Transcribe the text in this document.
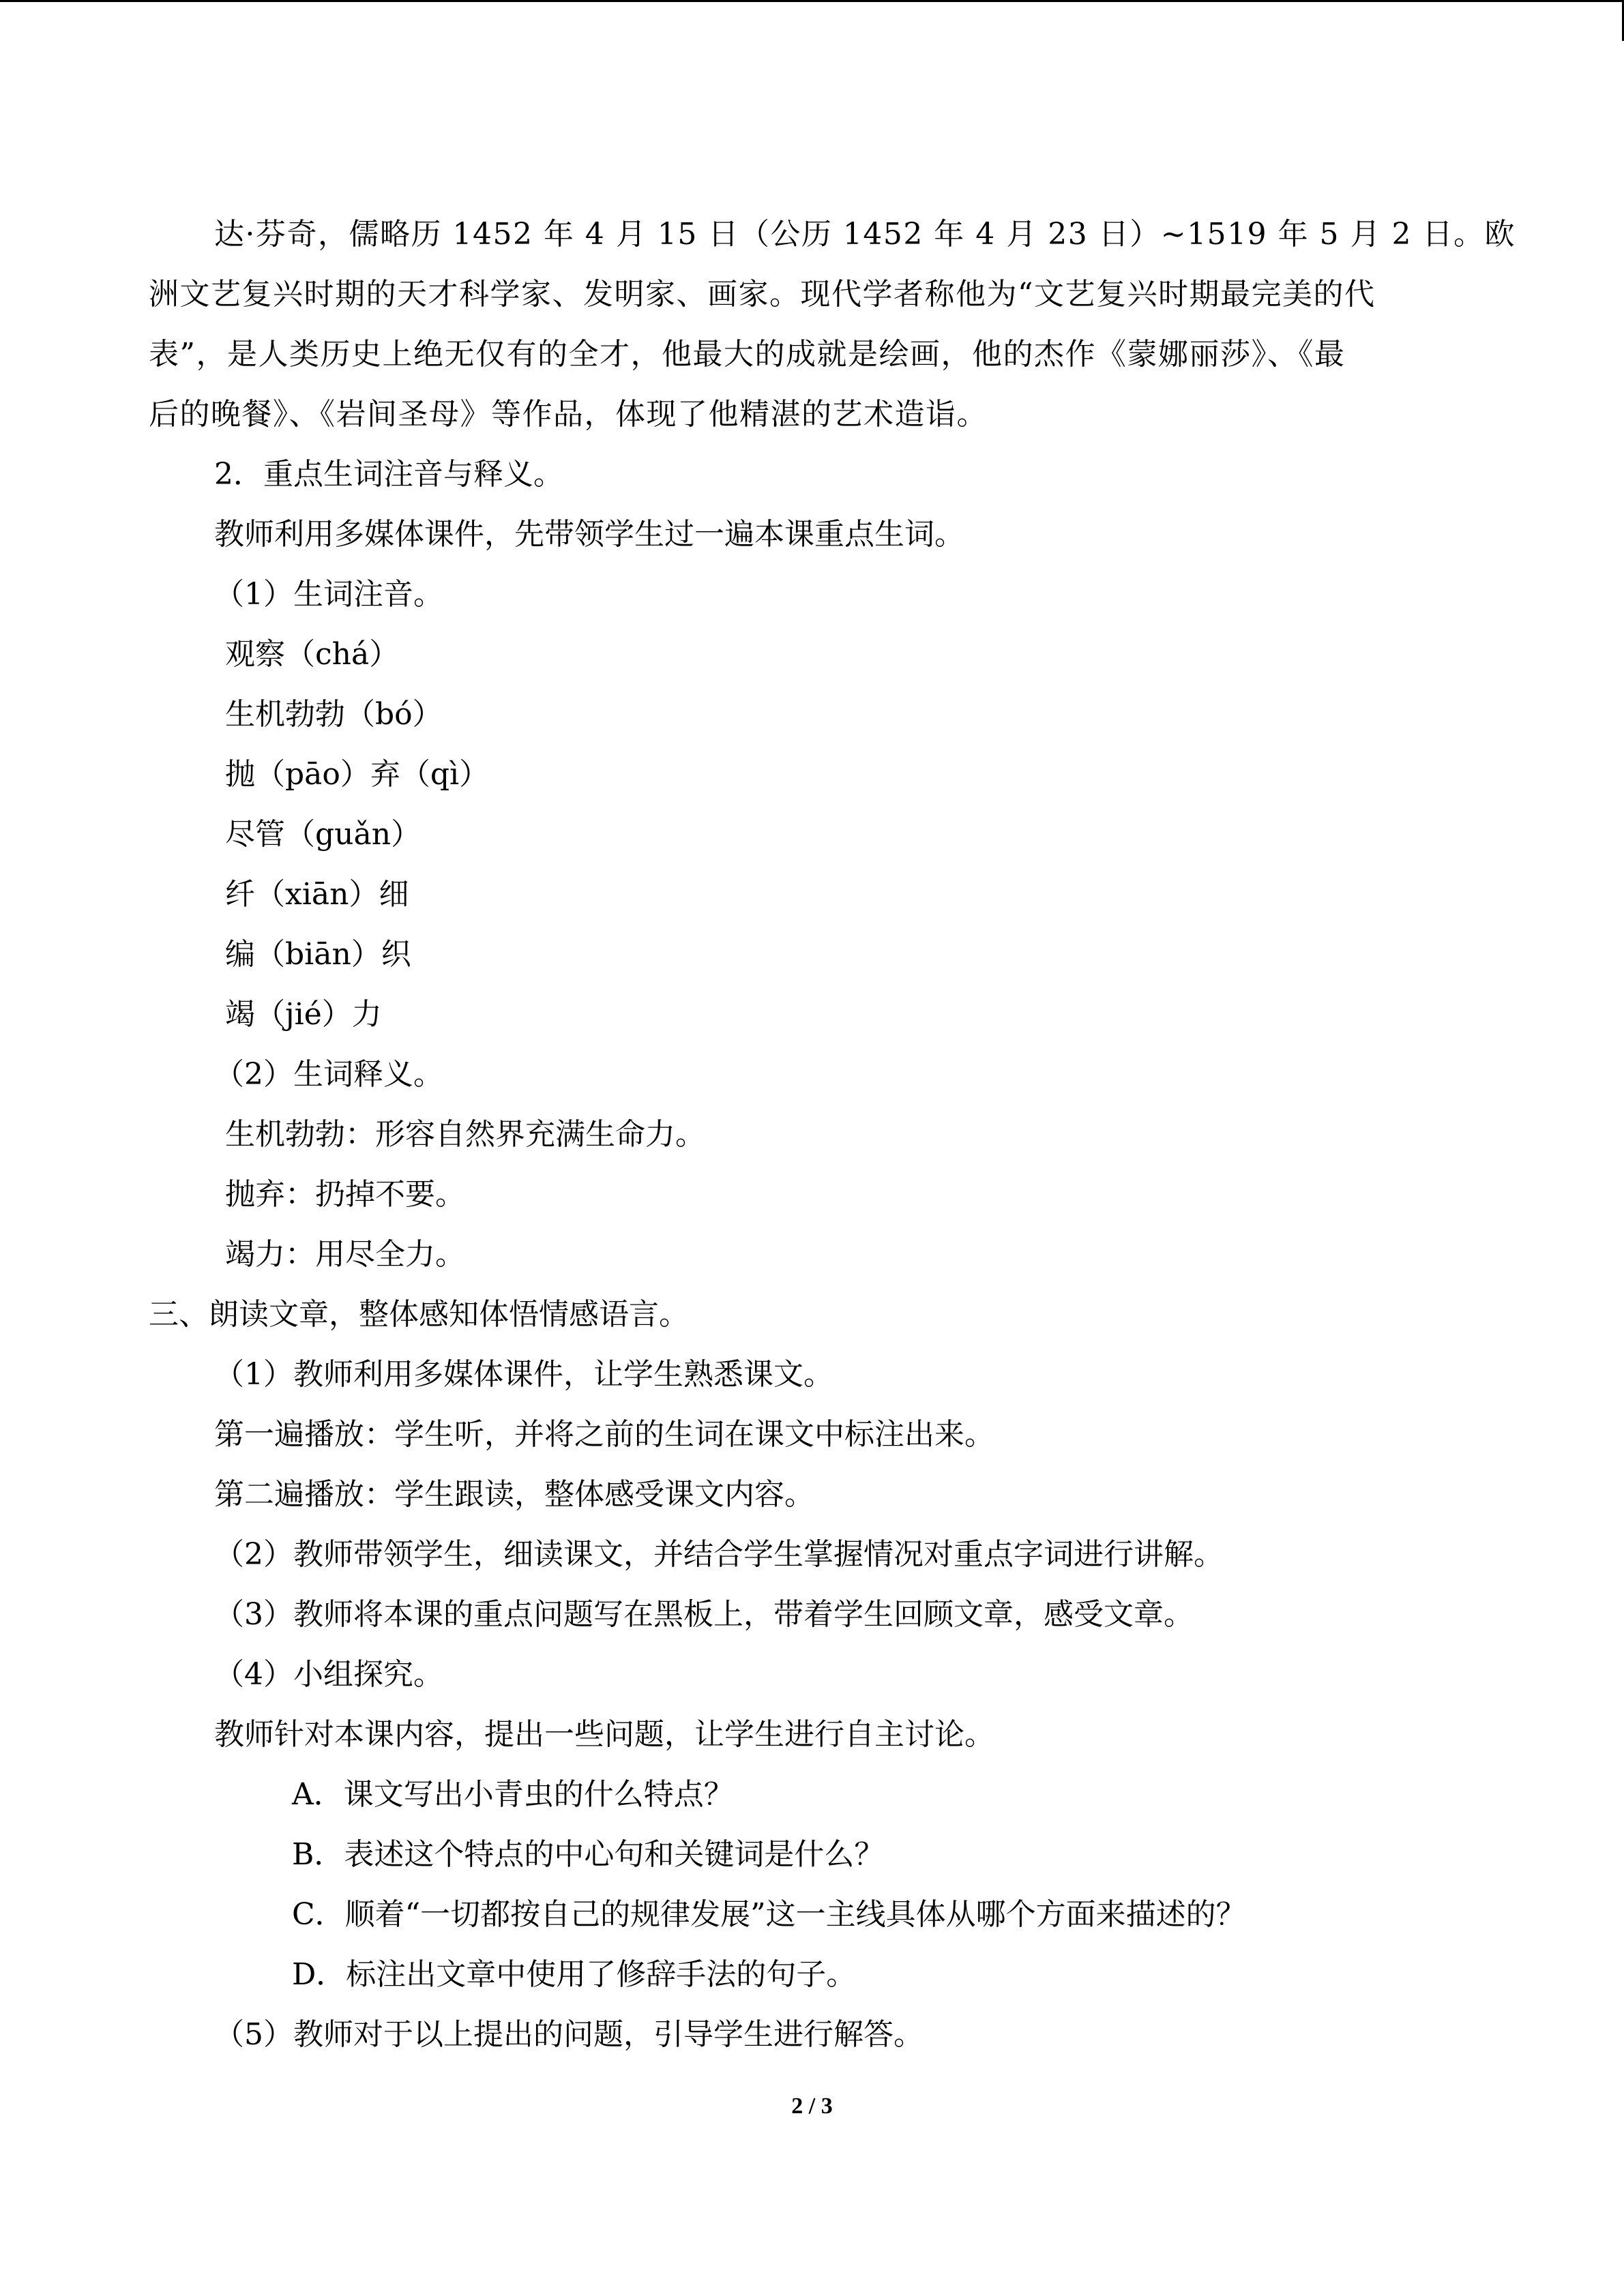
达·芬奇，儒略历 1452 年 4 月 15 日（公历 1452 年 4 月 23 日）~1519 年 5 月 2 日。欧
洲文艺复兴时期的天才科学家、发明家、画家。现代学者称他为“文艺复兴时期最完美的代
表”，是人类历史上绝无仅有的全才，他最大的成就是绘画，他的杰作《蒙娜丽莎》、《最
后的晚餐》、《岩间圣母》等作品，体现了他精湛的艺术造诣。
2．重点生词注音与释义。
教师利用多媒体课件，先带领学生过一遍本课重点生词。
（1）生词注音。
观察（chá）
生机勃勃（bó）
抛（pāo）弃（qì）
尽管（guǎn）
纤（xiān）细
编（biān）织
竭（jié）力
（2）生词释义。
生机勃勃：形容自然界充满生命力。
抛弃：扔掉不要。
竭力：用尽全力。
三、朗读文章，整体感知体悟情感语言。
（1）教师利用多媒体课件，让学生熟悉课文。
第一遍播放：学生听，并将之前的生词在课文中标注出来。
第二遍播放：学生跟读，整体感受课文内容。
（2）教师带领学生，细读课文，并结合学生掌握情况对重点字词进行讲解。
（3）教师将本课的重点问题写在黑板上，带着学生回顾文章，感受文章。
（4）小组探究。
教师针对本课内容，提出一些问题，让学生进行自主讨论。
A．课文写出小青虫的什么特点？
B．表述这个特点的中心句和关键词是什么？
C．顺着“一切都按自己的规律发展”这一主线具体从哪个方面来描述的？
D．标注出文章中使用了修辞手法的句子。
（5）教师对于以上提出的问题，引导学生进行解答。
2 / 3
